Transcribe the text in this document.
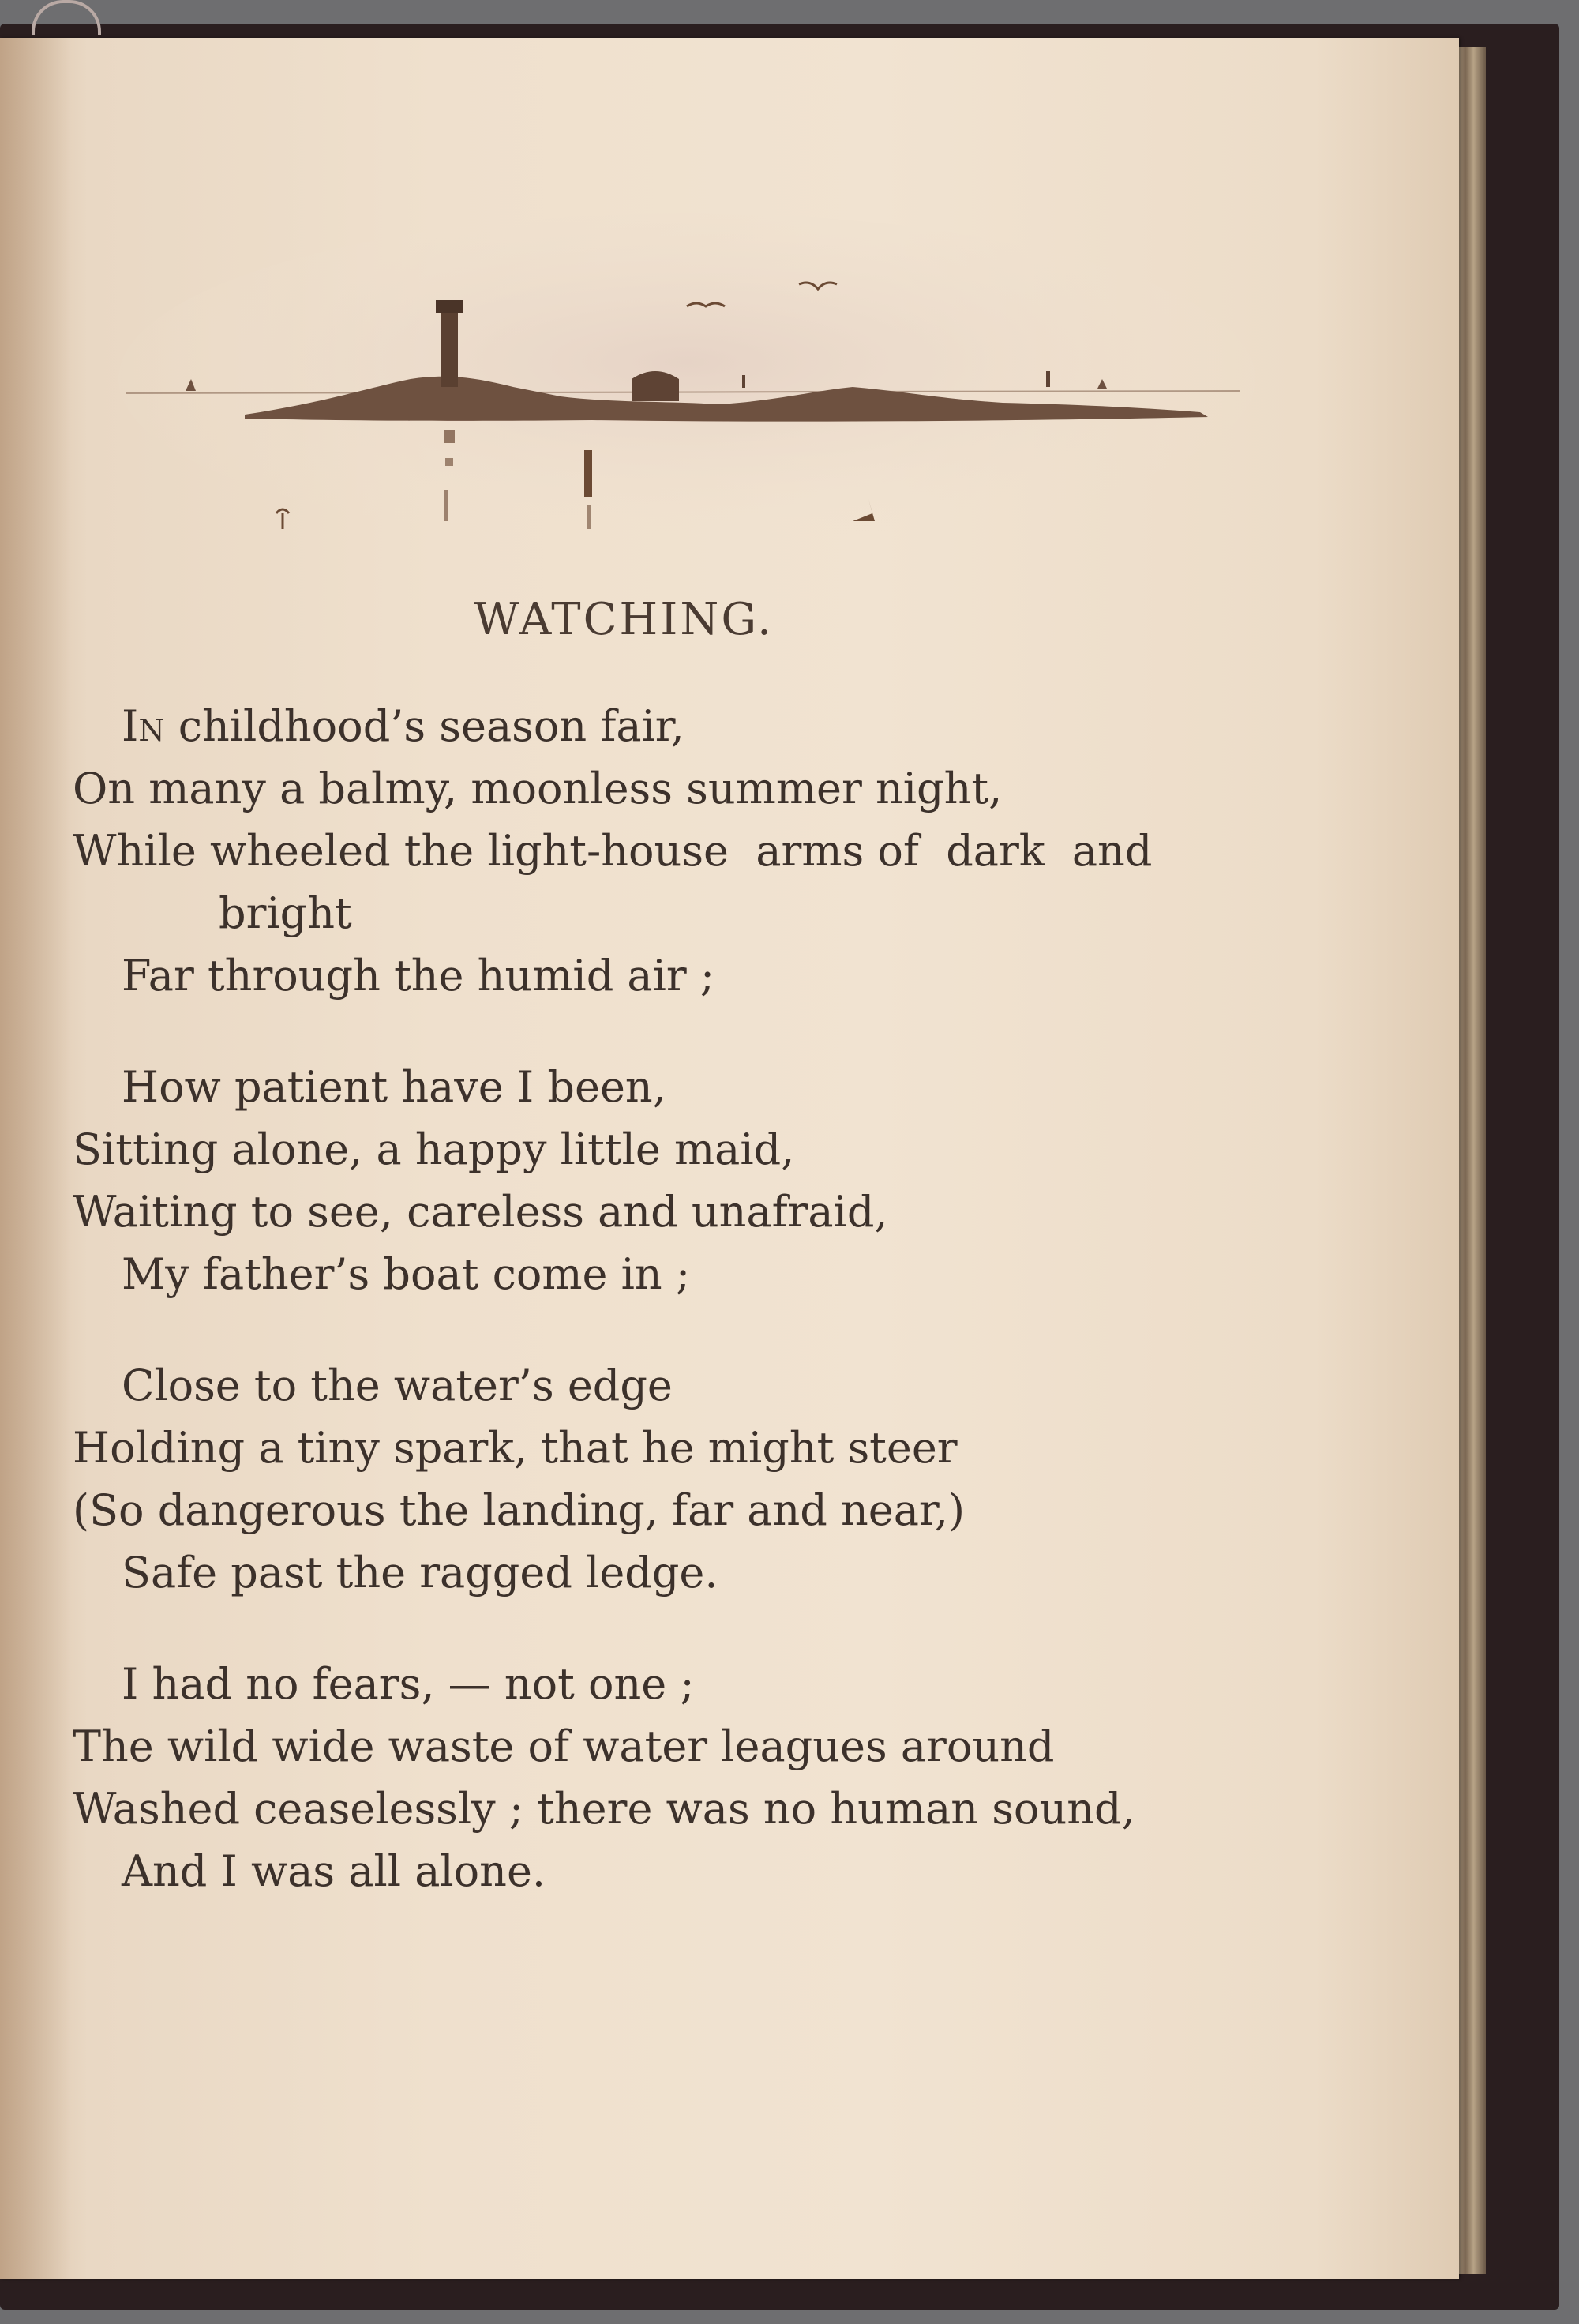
WATCHING.
In childhood’s season fair,
On many a balmy, moonless summer night,
While wheeled the light-house  arms of  dark  and
bright
Far through the humid air ;
How patient have I been,
Sitting alone, a happy little maid,
Waiting to see, careless and unafraid,
My father’s boat come in ;
Close to the water’s edge
Holding a tiny spark, that he might steer
(So dangerous the landing, far and near,)
Safe past the ragged ledge.
I had no fears, — not one ;
The wild wide waste of water leagues around
Washed ceaselessly ; there was no human sound,
And I was all alone.
